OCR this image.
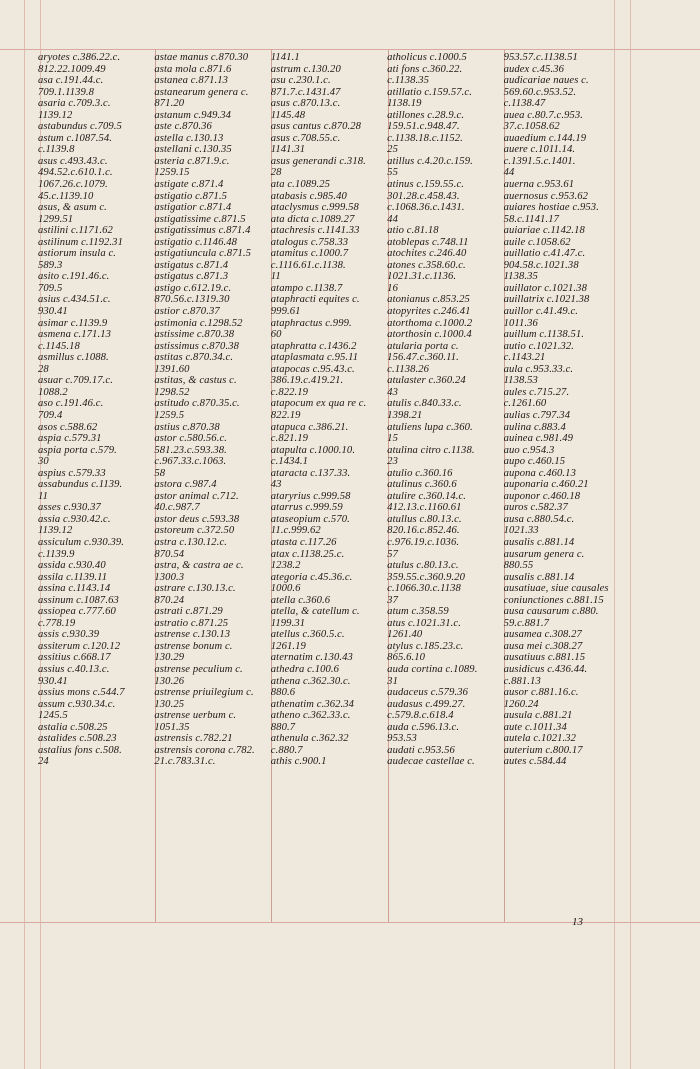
aryotes c.386.22.c.
812.22.1009.49
asa c.191.44.c.
709.1.1139.8
asaria c.709.3.c.
1139.12
astabundus c.709.5
astum c.1087.54.
c.1139.8
asus c.493.43.c.
494.52.c.610.1.c.
1067.26.c.1079.
45.c.1139.10
asus, & asum c.
1299.51
astilini c.1171.62
astilinum c.1192.31
astiorum insula c.
589.3
asito c.191.46.c.
709.5
asius c.434.51.c.
930.41
asimar c.1139.9
asmena c.171.13
c.1145.18
asmillus c.1088.
28
asuar c.709.17.c.
1088.2
aso c.191.46.c.
709.4
asos c.588.62
aspia c.579.31
aspia porta c.579.
30
aspius c.579.33
assabundus c.1139.
11
asses c.930.37
assia c.930.42.c.
1139.12
assiculum c.930.39.
c.1139.9
assida c.930.40
assila c.1139.11
assina c.1143.14
assinum c.1087.63
assiopea c.777.60
c.778.19
assis c.930.39
assiterum c.120.12
assitius c.668.17
assius c.40.13.c.
930.41
assius mons c.544.7
assum c.930.34.c.
1245.5
astalia c.508.25
astalides c.508.23
astalius fons c.508.
24
astae manus c.870.30
asta mola c.871.6
astanea c.871.13
astanearum genera c.
871.20
astanum c.949.34
aste c.870.36
astella c.130.13
astellani c.130.35
asteria c.871.9.c.
1259.15
astigate c.871.4
astigatio c.871.5
astigatior c.871.4
astigatissime c.871.5
astigatissimus c.871.4
astigatio c.1146.48
astigatiuncula c.871.5
astigatus c.871.4
astigatus c.871.3
astigo c.612.19.c.
870.56.c.1319.30
astior c.870.37
astimonia c.1298.52
astissime c.870.38
astissimus c.870.38
astitas c.870.34.c.
1391.60
astitas, & castus c.
1298.52
astitudo c.870.35.c.
1259.5
astius c.870.38
astor c.580.56.c.
581.23.c.593.38.
c.967.33.c.1063.
58
astora c.987.4
astor animal c.712.
40.c.987.7
astor deus c.593.38
astoreum c.372.50
astra c.130.12.c.
870.54
astra, & castra ae c.
1300.3
astrare c.130.13.c.
870.24
astrati c.871.29
astratio c.871.25
astrense c.130.13
astrense bonum c.
130.29
astrense peculium c.
130.26
astrense priuilegium c.
130.25
astrense uerbum c.
1051.35
astrensis c.782.21
astrensis corona c.782.
21.c.783.31.c.
1141.1
astrum c.130.20
asu c.230.1.c.
871.7.c.1431.47
asus c.870.13.c.
1145.48
asus cantus c.870.28
asus c.708.55.c.
1141.31
asus generandi c.318.
28
ata c.1089.25
atabasis c.985.40
ataclysmus c.999.58
ata dicta c.1089.27
atachresis c.1141.33
atalogus c.758.33
atamitus c.1000.7
c.1116.61.c.1138.
11
atampo c.1138.7
ataphracti equites c.
999.61
ataphractus c.999.
60
ataphratta c.1436.2
ataplasmata c.95.11
atapocas c.95.43.c.
386.19.c.419.21.
c.822.19
atapocum ex qua re c.
822.19
atapuca c.386.21.
c.821.19
atapulta c.1000.10.
c.1434.1
ataracta c.137.33.
43
ataryrius c.999.58
atarrus c.999.59
ataseopium c.570.
11.c.999.62
atasta c.117.26
atax c.1138.25.c.
1238.2
ategoria c.45.36.c.
1000.6
atella c.360.6
atella, & catellum c.
1199.31
atellus c.360.5.c.
1261.19
aternatim c.130.43
athedra c.100.6
athena c.362.30.c.
880.6
athenatim c.362.34
atheno c.362.33.c.
880.7
athenula c.362.32
c.880.7
athis c.900.1
atholicus c.1000.5
ati fons c.360.22.
c.1138.35
atillatio c.159.57.c.
1138.19
atillones c.28.9.c.
159.51.c.948.47.
c.1138.18.c.1152.
25
atillus c.4.20.c.159.
55
atinus c.159.55.c.
301.28.c.458.43.
c.1068.36.c.1431.
44
atio c.81.18
atoblepas c.748.11
atochites c.246.40
atones c.358.60.c.
1021.31.c.1136.
16
atonianus c.853.25
atopyrites c.246.41
atorthoma c.1000.2
atorthosin c.1000.4
atularia porta c.
156.47.c.360.11.
c.1138.26
atulaster c.360.24
43
atulis c.840.33.c.
1398.21
atuliens lupa c.360.
15
atulina citro c.1138.
23
atulio c.360.16
atulinus c.360.6
atulire c.360.14.c.
412.13.c.1160.61
atullus c.80.13.c.
820.16.c.852.46.
c.976.19.c.1036.
57
atulus c.80.13.c.
359.55.c.360.9.20
c.1066.30.c.1138
37
atum c.358.59
atus c.1021.31.c.
1261.40
atylus c.185.23.c.
865.6.10
auda cortina c.1089.
31
audaceus c.579.36
audasus c.499.27.
c.579.8.c.618.4
auda c.596.13.c.
953.53
audati c.953.56
audecae castellae c.
953.57.c.1138.51
audex c.45.36
audicariae naues c.
569.60.c.953.52.
c.1138.47
auea c.80.7.c.953.
37.c.1058.62
auaedium c.144.19
auere c.1011.14.
c.1391.5.c.1401.
44
auerna c.953.61
auernosus c.953.62
auiares hostiae c.953.
58.c.1141.17
auiariae c.1142.18
auile c.1058.62
auillatio c.41.47.c.
904.58.c.1021.38
1138.35
auillator c.1021.38
auillatrix c.1021.38
auillor c.41.49.c.
1011.36
auillum c.1138.51.
autio c.1021.32.
c.1143.21
aula c.953.33.c.
1138.53
aules c.715.27.
c.1261.60
aulias c.797.34
aulina c.883.4
auinea c.981.49
auo c.954.3
aupo c.460.15
aupona c.460.13
auponaria c.460.21
auponor c.460.18
auros c.582.37
ausa c.880.54.c.
1021.33
ausalis c.881.14
ausarum genera c.
880.55
ausalis c.881.14
ausatiuae, siue causales
coniunctiones c.881.15
ausa causarum c.880.
59.c.881.7
ausamea c.308.27
ausa mei c.308.27
ausatiuus c.881.15
ausidicus c.436.44.
c.881.13
ausor c.881.16.c.
1260.24
ausula c.881.21
aute c.1011.34
autela c.1021.32
auterium c.800.17
autes c.584.44
13
